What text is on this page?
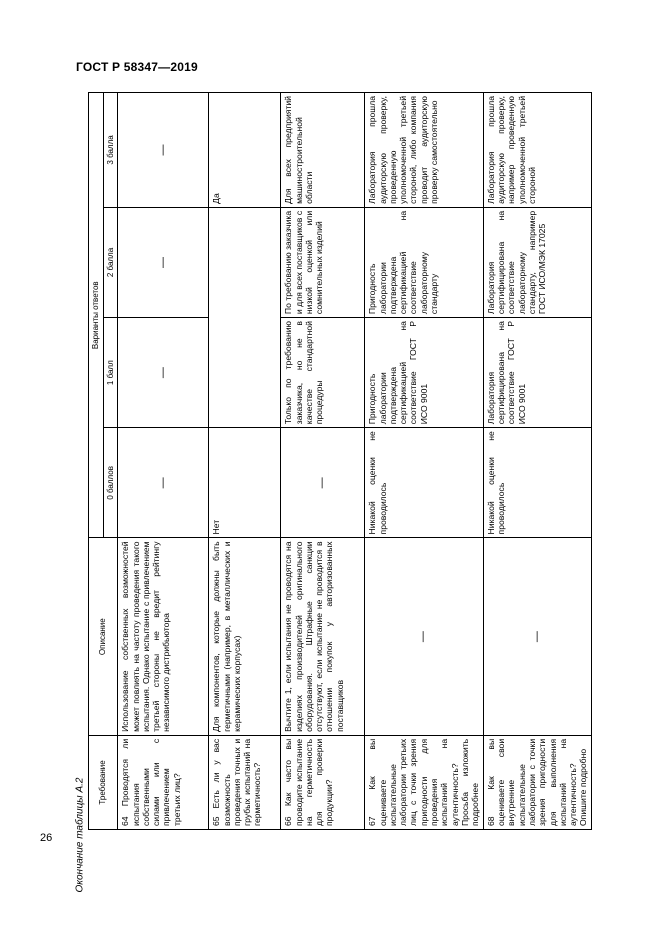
ГОСТ Р 58347—2019
Окончание таблицы А.2 Требование	Описание	Варианты ответов			
		0 баллов	1 балл	2 балла	3 балла
64 Проводятся ли испытания собственными силами или с привлечением третьих лиц?	Использование собственных возможностей может повлиять на частоту проведения такого испытания. Однако испытание с привлечением третьей стороны не вредит рейтингу независимого дистрибьютора	—	—	—	—
65 Есть ли у вас возможность проведения точных и грубых испытаний на герметичность?	Для компонентов, которые должны быть герметичными (например, в металлических и керамических корпусах)	Нет			Да
66 Как часто вы проводите испытание на герметичность для проверки продукции?	Вычтите 1, если испытания не проводятся на изделиях производителей оригинального оборудования. Штрафные санкции отсутствуют, если испытание не проводится в отношении покупок у авторизованных поставщиков	—	Только по требованию заказчика, но не в качестве стандартной процедуры	По требованию заказчика и для всех поставщиков с низкой оценкой или сомнительных изделий	Для всех предприятий машиностроительной области
67 Как вы оцениваете испытательные лаборатории третьих лиц с точки зрения пригодности для проведения испытаний на аутентичность? Просьба изложить подробнее	—	Никакой оценки не проводилось	Пригодность лаборатории подтверждена сертификацией на соответствие ГОСТ Р ИСО 9001	Пригодность лаборатории подтверждена сертификацией на соответствие лабораторному стандарту	Лаборатория прошла аудиторскую проверку, проведенную уполномоченной третьей стороной, либо компания проводит аудиторскую проверку самостоятельно
68 Как вы оцениваете свои внутренние испытательные лаборатории с точки зрения пригодности для выполнения испытаний на аутентичность? Опишите подробно	—	Никакой оценки не проводилось	Лаборатория сертифицирована на соответствие ГОСТ Р ИСО 9001	Лаборатория сертифицирована на соответствие лабораторному стандарту, например ГОСТ ИСО/МЭК 17025	Лаборатория прошла аудиторскую проверку, например проведенную уполномоченной третьей стороной
26
